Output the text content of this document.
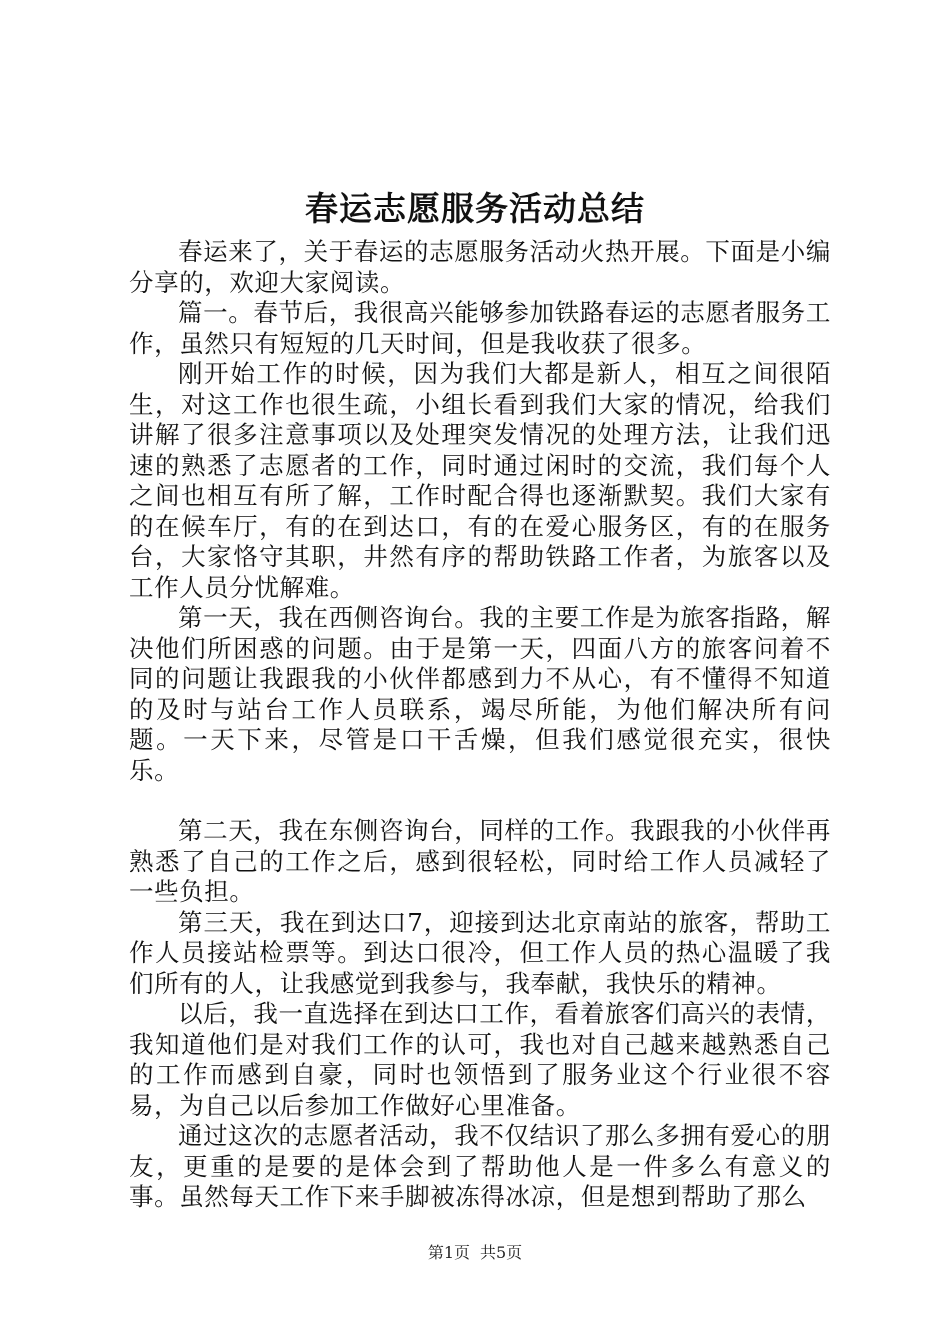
春运志愿服务活动总结

春运来了，关于春运的志愿服务活动火热开展。下面是小编分享的，欢迎大家阅读。

篇一。春节后，我很高兴能够参加铁路春运的志愿者服务工作，虽然只有短短的几天时间，但是我收获了很多。

刚开始工作的时候，因为我们大都是新人，相互之间很陌生，对这工作也很生疏，小组长看到我们大家的情况，给我们讲解了很多注意事项以及处理突发情况的处理方法，让我们迅速的熟悉了志愿者的工作，同时通过闲时的交流，我们每个人之间也相互有所了解，工作时配合得也逐渐默契。我们大家有的在候车厅，有的在到达口，有的在爱心服务区，有的在服务台，大家恪守其职，井然有序的帮助铁路工作者，为旅客以及工作人员分忧解难。

第一天，我在西侧咨询台。我的主要工作是为旅客指路，解决他们所困惑的问题。由于是第一天，四面八方的旅客问着不同的问题让我跟我的小伙伴都感到力不从心，有不懂得不知道的及时与站台工作人员联系，竭尽所能，为他们解决所有问题。一天下来，尽管是口干舌燥，但我们感觉很充实，很快乐。

第二天，我在东侧咨询台，同样的工作。我跟我的小伙伴再熟悉了自己的工作之后，感到很轻松，同时给工作人员减轻了一些负担。

第三天，我在到达口7，迎接到达北京南站的旅客，帮助工作人员接站检票等。到达口很冷，但工作人员的热心温暖了我们所有的人，让我感觉到我参与，我奉献，我快乐的精神。

以后，我一直选择在到达口工作，看着旅客们高兴的表情，我知道他们是对我们工作的认可，我也对自己越来越熟悉自己的工作而感到自豪，同时也领悟到了服务业这个行业很不容易，为自己以后参加工作做好心里准备。

通过这次的志愿者活动，我不仅结识了那么多拥有爱心的朋友，更重的是要的是体会到了帮助他人是一件多么有意义的事。虽然每天工作下来手脚被冻得冰凉，但是想到帮助了那么

第1页 共5页
